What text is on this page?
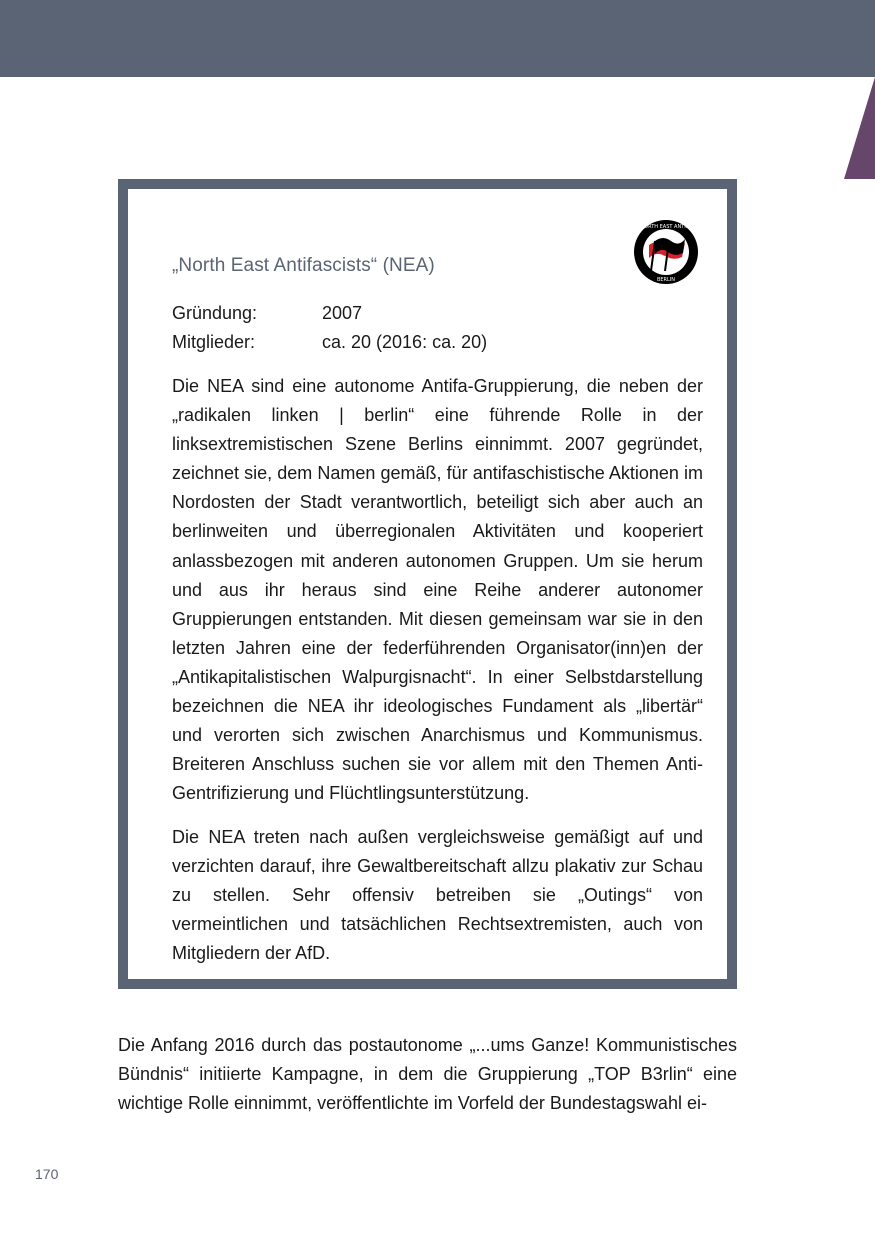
„North East Antifascists“ (NEA)
NORTH EAST ANTIFA
BERLIN
Gründung:	2007
Mitglieder:	ca. 20 (2016: ca. 20)

Die NEA sind eine autonome Antifa-Gruppierung, die neben der „radikalen linken | berlin“ eine führende Rolle in der linksextremistischen Szene Berlins einnimmt. 2007 gegründet, zeichnet sie, dem Namen gemäß, für antifaschistische Aktionen im Nordosten der Stadt verantwortlich, beteiligt sich aber auch an berlinweiten und überregionalen Aktivitäten und kooperiert anlassbezogen mit anderen autonomen Gruppen. Um sie herum und aus ihr heraus sind eine Reihe anderer autonomer Gruppierungen entstanden. Mit diesen gemeinsam war sie in den letzten Jahren eine der federführenden Organisator(inn)en der „Antikapitalistischen Walpurgisnacht“. In einer Selbstdarstellung bezeichnen die NEA ihr ideologisches Fundament als „libertär“ und verorten sich zwischen Anarchismus und Kommunismus. Breiteren Anschluss suchen sie vor allem mit den Themen Anti-Gentrifizierung und Flüchtlingsunterstützung.

Die NEA treten nach außen vergleichsweise gemäßigt auf und verzichten darauf, ihre Gewaltbereitschaft allzu plakativ zur Schau zu stellen. Sehr offensiv betreiben sie „Outings“ von vermeintlichen und tatsächlichen Rechtsextremisten, auch von Mitgliedern der AfD.

Die Anfang 2016 durch das postautonome „...ums Ganze! Kommunistisches Bündnis“ initiierte Kampagne, in dem die Gruppierung „TOP B3rlin“ eine wichtige Rolle einnimmt, veröffentlichte im Vorfeld der Bundestagswahl ei-

170
